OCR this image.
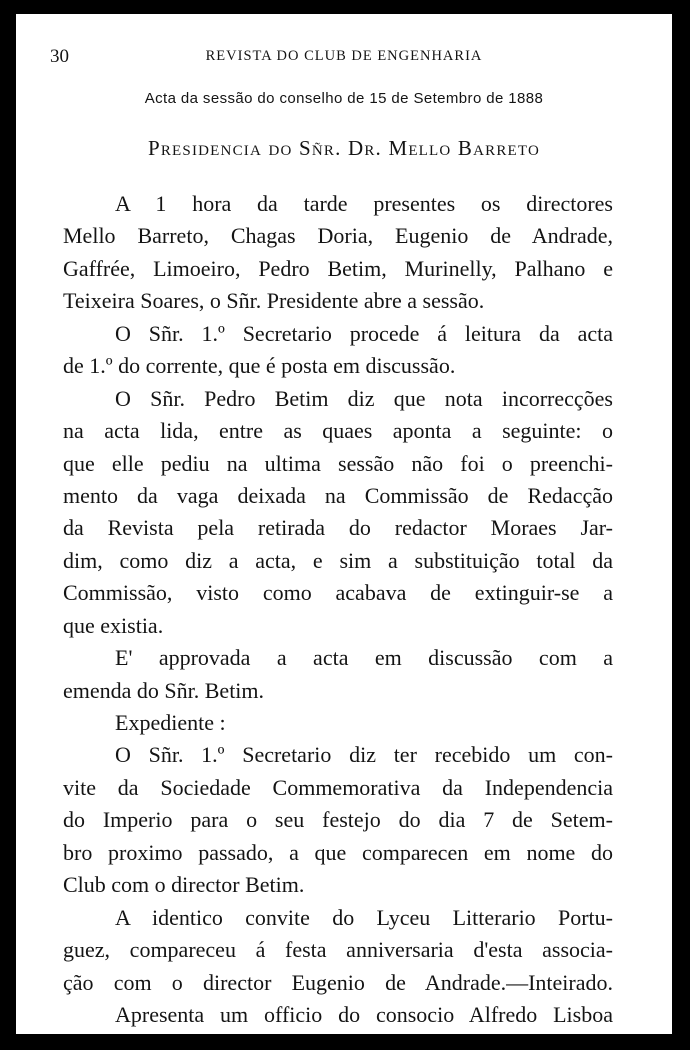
30	REVISTA DO CLUB DE ENGENHARIA
Acta da sessão do conselho de 15 de Setembro de 1888
Presidencia do Sñr. Dr. Mello Barreto
A 1 hora da tarde presentes os directores
Mello Barreto, Chagas Doria, Eugenio de Andrade,
Gaffrée, Limoeiro, Pedro Betim, Murinelly, Palhano e
Teixeira Soares, o Sñr. Presidente abre a sessão.
O Sñr. 1.º Secretario procede á leitura da acta
de 1.º do corrente, que é posta em discussão.
O Sñr. Pedro Betim diz que nota incorrecções
na acta lida, entre as quaes aponta a seguinte: o
que elle pediu na ultima sessão não foi o preenchi-
mento da vaga deixada na Commissão de Redacção
da Revista pela retirada do redactor Moraes Jar-
dim, como diz a acta, e sim a substituição total da
Commissão, visto como acabava de extinguir-se a
que existia.
E' approvada a acta em discussão com a
emenda do Sñr. Betim.
Expediente :
O Sñr. 1.º Secretario diz ter recebido um con-
vite da Sociedade Commemorativa da Independencia
do Imperio para o seu festejo do dia 7 de Setem-
bro proximo passado, a que comparecen em nome do
Club com o director Betim.
A identico convite do Lyceu Litterario Portu-
guez, compareceu á festa anniversaria d'esta associa-
ção com o director Eugenio de Andrade.—Inteirado.
Apresenta um officio do consocio Alfredo Lisboa
